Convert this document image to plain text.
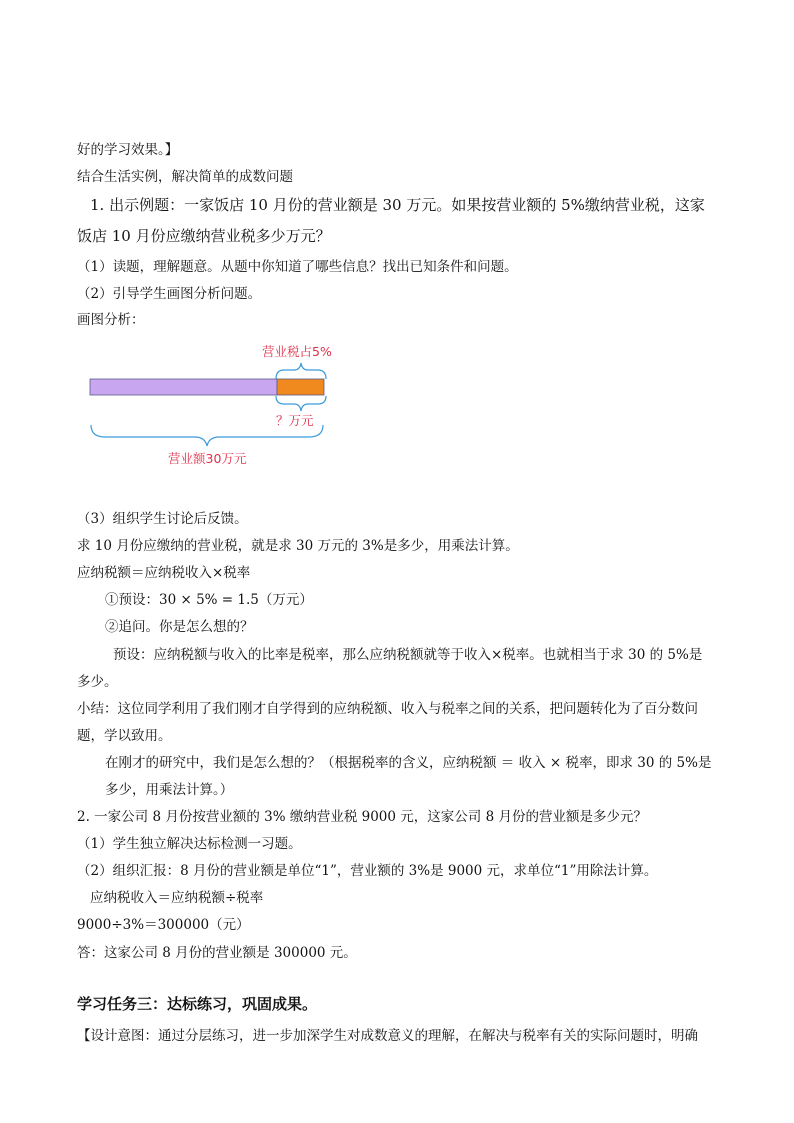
好的学习效果。】
结合生活实例，解决简单的成数问题
1. 出示例题：一家饭店 10 月份的营业额是 30 万元。如果按营业额的 5%缴纳营业税，这家
饭店 10 月份应缴纳营业税多少万元？
（1）读题，理解题意。从题中你知道了哪些信息？找出已知条件和问题。
（2）引导学生画图分析问题。
画图分析：
营业税占5%
？万元
营业额30万元
（3）组织学生讨论后反馈。
求 10 月份应缴纳的营业税，就是求 30 万元的 3%是多少，用乘法计算。
应纳税额＝应纳税收入×税率
①预设：30 × 5% = 1.5（万元）
②追问。你是怎么想的？
预设：应纳税额与收入的比率是税率，那么应纳税额就等于收入×税率。也就相当于求 30 的 5%是
多少。
小结：这位同学利用了我们刚才自学得到的应纳税额、收入与税率之间的关系，把问题转化为了百分数问
题，学以致用。
在刚才的研究中，我们是怎么想的？（根据税率的含义，应纳税额 ＝ 收入 × 税率，即求 30 的 5%是
多少，用乘法计算。）
2. 一家公司 8 月份按营业额的 3% 缴纳营业税 9000 元，这家公司 8 月份的营业额是多少元？
（1）学生独立解决达标检测一习题。
（2）组织汇报：8 月份的营业额是单位“1”，营业额的 3%是 9000 元，求单位“1”用除法计算。
应纳税收入＝应纳税额÷税率
9000÷3%＝300000（元）
答：这家公司 8 月份的营业额是 300000 元。
学习任务三：达标练习，巩固成果。
【设计意图：通过分层练习，进一步加深学生对成数意义的理解，在解决与税率有关的实际问题时，明确
